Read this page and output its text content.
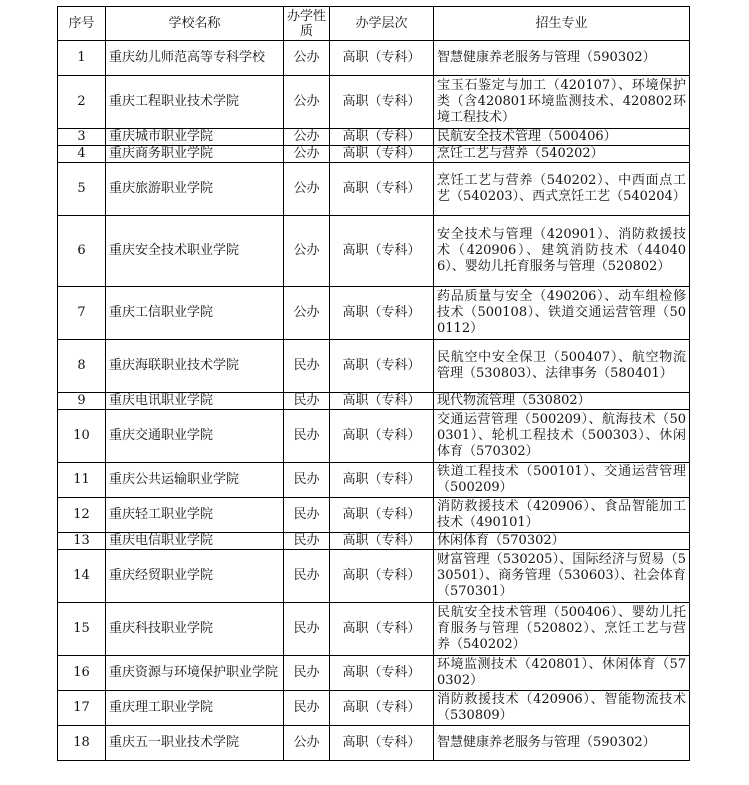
序号	学校名称	办学性质	办学层次	招生专业
1	重庆幼儿师范高等专科学校	公办	高职（专科）	智慧健康养老服务与管理（590302）
2	重庆工程职业技术学院	公办	高职（专科）	宝玉石鉴定与加工（420107）、环境保护类（含420801环境监测技术、420802环境工程技术）
3	重庆城市职业学院	公办	高职（专科）	民航安全技术管理（500406）
4	重庆商务职业学院	公办	高职（专科）	烹饪工艺与营养（540202）
5	重庆旅游职业学院	公办	高职（专科）	烹饪工艺与营养（540202）、中西面点工艺（540203）、西式烹饪工艺（540204）
6	重庆安全技术职业学院	公办	高职（专科）	安全技术与管理（420901）、消防救援技术（420906）、建筑消防技术（440406）、婴幼儿托育服务与管理（520802）
7	重庆工信职业学院	公办	高职（专科）	药品质量与安全（490206）、动车组检修技术（500108）、铁道交通运营管理（500112）
8	重庆海联职业技术学院	民办	高职（专科）	民航空中安全保卫（500407）、航空物流管理（530803）、法律事务（580401）
9	重庆电讯职业学院	民办	高职（专科）	现代物流管理（530802）
10	重庆交通职业学院	民办	高职（专科）	交通运营管理（500209）、航海技术（500301）、轮机工程技术（500303）、休闲体育（570302）
11	重庆公共运输职业学院	民办	高职（专科）	铁道工程技术（500101）、交通运营管理（500209）
12	重庆轻工职业学院	民办	高职（专科）	消防救援技术（420906）、食品智能加工技术（490101）
13	重庆电信职业学院	民办	高职（专科）	休闲体育（570302）
14	重庆经贸职业学院	民办	高职（专科）	财富管理（530205）、国际经济与贸易（530501）、商务管理（530603）、社会体育（570301）
15	重庆科技职业学院	民办	高职（专科）	民航安全技术管理（500406）、婴幼儿托育服务与管理（520802）、烹饪工艺与营养（540202）
16	重庆资源与环境保护职业学院	民办	高职（专科）	环境监测技术（420801）、休闲体育（570302）
17	重庆理工职业学院	民办	高职（专科）	消防救援技术（420906）、智能物流技术（530809）
18	重庆五一职业技术学院	公办	高职（专科）	智慧健康养老服务与管理（590302）
